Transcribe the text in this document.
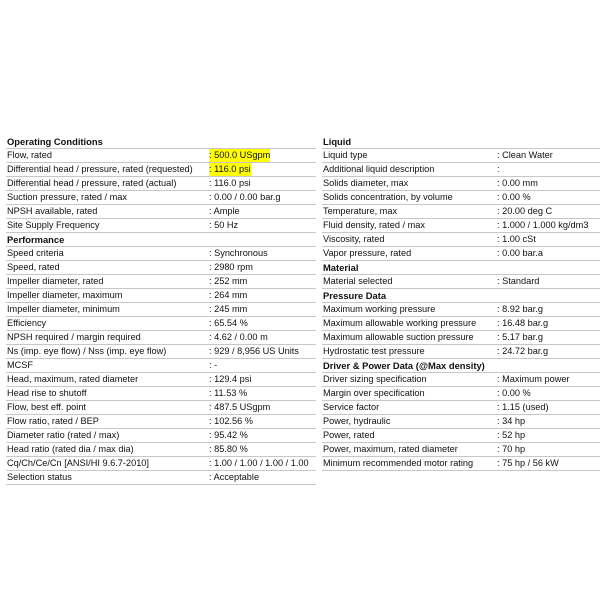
Operating Conditions
Flow, rated	: 500.0 USgpm
Differential head / pressure, rated (requested)	: 116.0 psi
Differential head / pressure, rated (actual)	: 116.0 psi
Suction pressure, rated / max	: 0.00 / 0.00 bar.g
NPSH available, rated	: Ample
Site Supply Frequency	: 50 Hz
Performance
Speed criteria	: Synchronous
Speed, rated	: 2980 rpm
Impeller diameter, rated	: 252 mm
Impeller diameter, maximum	: 264 mm
Impeller diameter, minimum	: 245 mm
Efficiency	: 65.54 %
NPSH required / margin required	: 4.62 / 0.00 m
Ns (imp. eye flow) / Nss (imp. eye flow)	: 929 / 8,956 US Units
MCSF	: -
Head, maximum, rated diameter	: 129.4 psi
Head rise to shutoff	: 11.53 %
Flow, best eff. point	: 487.5 USgpm
Flow ratio, rated / BEP	: 102.56 %
Diameter ratio (rated / max)	: 95.42 %
Head ratio (rated dia / max dia)	: 85.80 %
Cq/Ch/Ce/Cn [ANSI/HI 9.6.7-2010]	: 1.00 / 1.00 / 1.00 / 1.00
Selection status	: Acceptable
Liquid
Liquid type	: Clean Water
Additional liquid description	:
Solids diameter, max	: 0.00 mm
Solids concentration, by volume	: 0.00 %
Temperature, max	: 20.00 deg C
Fluid density, rated / max	: 1.000 / 1.000 kg/dm3
Viscosity, rated	: 1.00 cSt
Vapor pressure, rated	: 0.00 bar.a
Material
Material selected	: Standard
Pressure Data
Maximum working pressure	: 8.92 bar.g
Maximum allowable working pressure	: 16.48 bar.g
Maximum allowable suction pressure	: 5.17 bar.g
Hydrostatic test pressure	: 24.72 bar.g
Driver & Power Data (@Max density)
Driver sizing specification	: Maximum power
Margin over specification	: 0.00 %
Service factor	: 1.15 (used)
Power, hydraulic	: 34 hp
Power, rated	: 52 hp
Power, maximum, rated diameter	: 70 hp
Minimum recommended motor rating	: 75 hp / 56 kW
